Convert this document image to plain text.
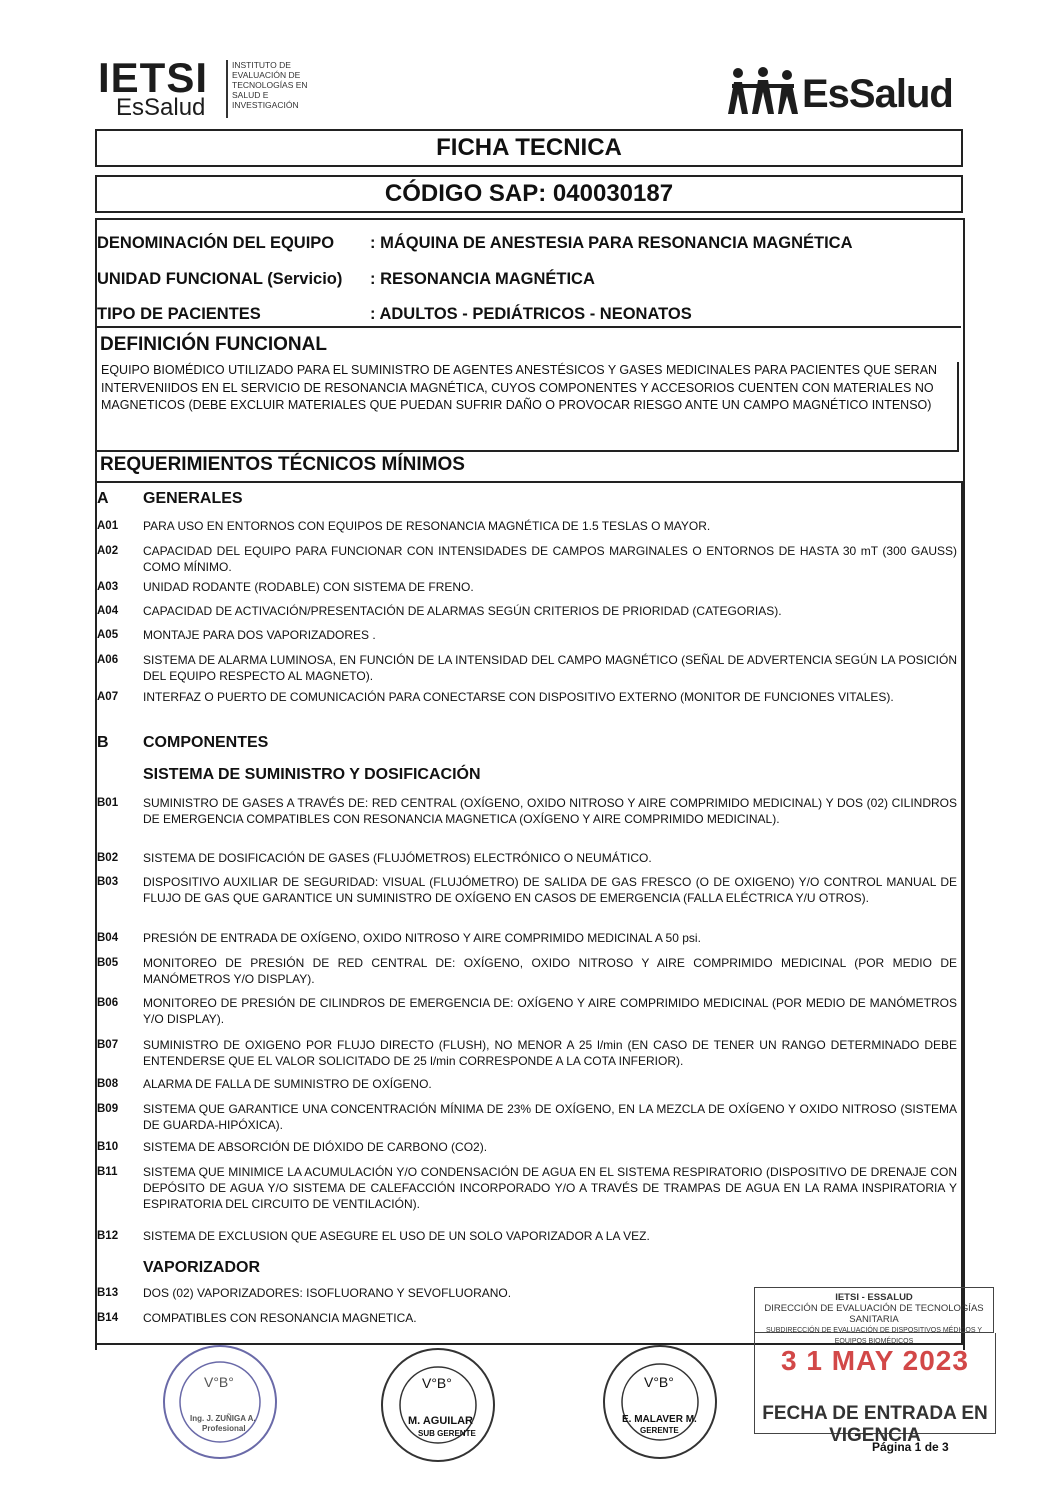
IETSI
EsSalud
INSTITUTO DE EVALUACIÓN DE TECNOLOGÍAS EN SALUD E INVESTIGACIÓN	EsSalud
FICHA TECNICA
CÓDIGO SAP: 040030187
DENOMINACIÓN DEL EQUIPO : MÁQUINA DE ANESTESIA PARA RESONANCIA MAGNÉTICA
UNIDAD FUNCIONAL (Servicio) : RESONANCIA MAGNÉTICA
TIPO DE PACIENTES	: ADULTOS - PEDIÁTRICOS - NEONATOS
DEFINICIÓN FUNCIONAL
EQUIPO BIOMÉDICO UTILIZADO PARA EL SUMINISTRO DE AGENTES ANESTÉSICOS Y GASES MEDICINALES PARA PACIENTES QUE SERAN INTERVENIIDOS EN EL SERVICIO DE RESONANCIA MAGNÉTICA, CUYOS COMPONENTES Y ACCESORIOS CUENTEN CON MATERIALES NO MAGNETICOS (DEBE EXCLUIR MATERIALES QUE PUEDAN SUFRIR DAÑO O PROVOCAR RIESGO ANTE UN CAMPO MAGNÉTICO INTENSO)
REQUERIMIENTOS TÉCNICOS MÍNIMOS
A GENERALES
A01 PARA USO EN ENTORNOS CON EQUIPOS DE RESONANCIA MAGNÉTICA DE 1.5 TESLAS O MAYOR.
A02 CAPACIDAD DEL EQUIPO PARA FUNCIONAR CON INTENSIDADES DE CAMPOS MARGINALES O ENTORNOS DE HASTA 30 mT (300 GAUSS) COMO MÍNIMO.
A03 UNIDAD RODANTE (RODABLE) CON SISTEMA DE FRENO.
A04 CAPACIDAD DE ACTIVACIÓN/PRESENTACIÓN DE ALARMAS SEGÚN CRITERIOS DE PRIORIDAD (CATEGORIAS).
A05 MONTAJE PARA DOS VAPORIZADORES .
A06 SISTEMA DE ALARMA LUMINOSA, EN FUNCIÓN DE LA INTENSIDAD DEL CAMPO MAGNÉTICO (SEÑAL DE ADVERTENCIA SEGÚN LA POSICIÓN DEL EQUIPO RESPECTO AL MAGNETO).
A07 INTERFAZ O PUERTO DE COMUNICACIÓN PARA CONECTARSE CON DISPOSITIVO EXTERNO (MONITOR DE FUNCIONES VITALES).
B COMPONENTES
SISTEMA DE SUMINISTRO Y DOSIFICACIÓN
B01 SUMINISTRO DE GASES A TRAVÉS DE: RED CENTRAL (OXÍGENO, OXIDO NITROSO Y AIRE COMPRIMIDO MEDICINAL) Y DOS (02) CILINDROS DE EMERGENCIA COMPATIBLES CON RESONANCIA MAGNETICA (OXÍGENO Y AIRE COMPRIMIDO MEDICINAL).
B02 SISTEMA DE DOSIFICACIÓN DE GASES (FLUJÓMETROS) ELECTRÓNICO O NEUMÁTICO.
B03 DISPOSITIVO AUXILIAR DE SEGURIDAD: VISUAL (FLUJÓMETRO) DE SALIDA DE GAS FRESCO (O DE OXIGENO) Y/O CONTROL MANUAL DE FLUJO DE GAS QUE GARANTICE UN SUMINISTRO DE OXÍGENO EN CASOS DE EMERGENCIA (FALLA ELÉCTRICA Y/U OTROS).
B04 PRESIÓN DE ENTRADA DE OXÍGENO, OXIDO NITROSO Y AIRE COMPRIMIDO MEDICINAL A 50 psi.
B05 MONITOREO DE PRESIÓN DE RED CENTRAL DE: OXÍGENO, OXIDO NITROSO Y AIRE COMPRIMIDO MEDICINAL (POR MEDIO DE MANÓMETROS Y/O DISPLAY).
B06 MONITOREO DE PRESIÓN DE CILINDROS DE EMERGENCIA DE: OXÍGENO Y AIRE COMPRIMIDO MEDICINAL (POR MEDIO DE MANÓMETROS Y/O DISPLAY).
B07 SUMINISTRO DE OXIGENO POR FLUJO DIRECTO (FLUSH), NO MENOR A 25 l/min (EN CASO DE TENER UN RANGO DETERMINADO DEBE ENTENDERSE QUE EL VALOR SOLICITADO DE 25 l/min CORRESPONDE A LA COTA INFERIOR).
B08 ALARMA DE FALLA DE SUMINISTRO DE OXÍGENO.
B09 SISTEMA QUE GARANTICE UNA CONCENTRACIÓN MÍNIMA DE 23% DE OXÍGENO, EN LA MEZCLA DE OXÍGENO Y OXIDO NITROSO (SISTEMA DE GUARDA-HIPÓXICA).
B10 SISTEMA DE ABSORCIÓN DE DIÓXIDO DE CARBONO (CO2).
B11 SISTEMA QUE MINIMICE LA ACUMULACIÓN Y/O CONDENSACIÓN DE AGUA EN EL SISTEMA RESPIRATORIO (DISPOSITIVO DE DRENAJE CON DEPÓSITO DE AGUA Y/O SISTEMA DE CALEFACCIÓN INCORPORADO Y/O A TRAVÉS DE TRAMPAS DE AGUA EN LA RAMA INSPIRATORIA Y ESPIRATORIA DEL CIRCUITO DE VENTILACIÓN).
B12 SISTEMA DE EXCLUSION QUE ASEGURE EL USO DE UN SOLO VAPORIZADOR A LA VEZ.
VAPORIZADOR
B13 DOS (02) VAPORIZADORES: ISOFLUORANO Y SEVOFLUORANO.
B14 COMPATIBLES CON RESONANCIA MAGNETICA.
IETSI - ESSALUD
DIRECCIÓN DE EVALUACIÓN DE TECNOLOGÍAS SANITARIA
SUBDIRECCIÓN DE EVALUACIÓN DE DISPOSITIVOS MÉDICOS Y EQUIPOS BIOMÉDICOS
3 1 MAY 2023
FECHA DE ENTRADA EN VIGENCIA
V°B°
Ing. J. ZUÑIGA A.
Profesional
V°B°
M. AGUILAR
SUB GERENTE
V°B°
E. MALAVER M.
GERENTE
Página 1 de 3
